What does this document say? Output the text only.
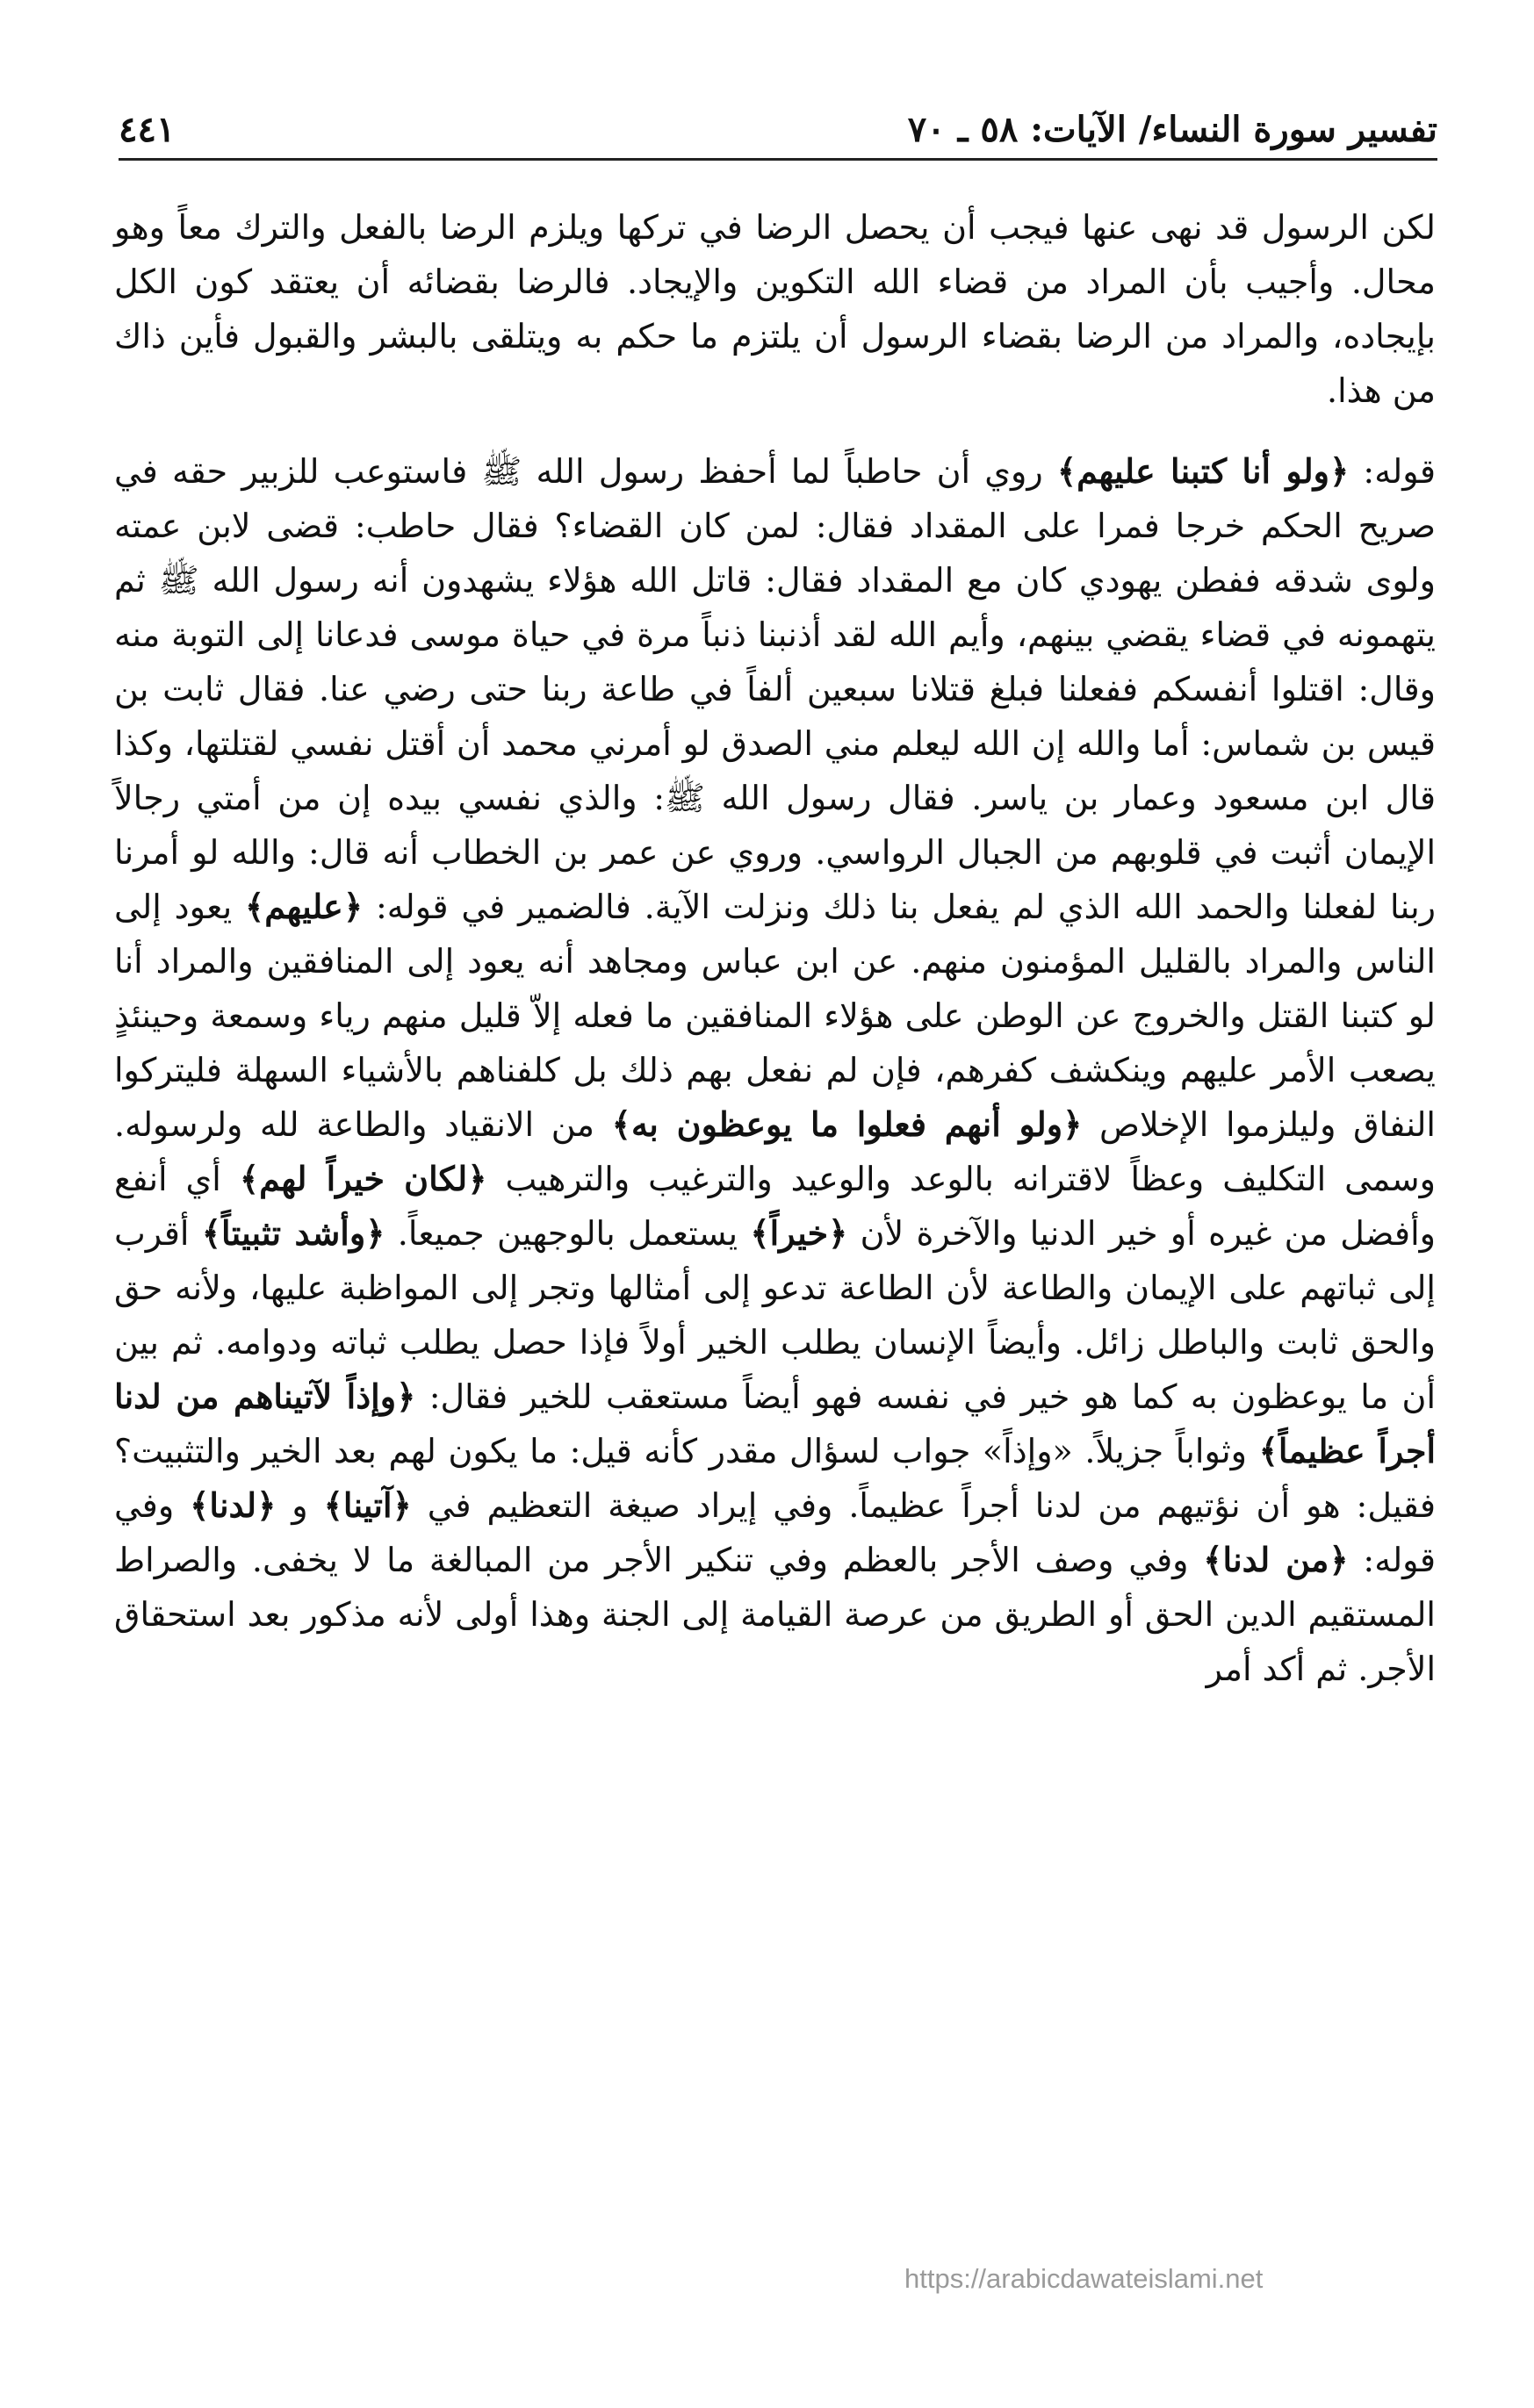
تفسير سورة النساء/ الآيات: ٥٨ ـ ٧٠
٤٤١

لكن الرسول قد نهى عنها فيجب أن يحصل الرضا في تركها ويلزم الرضا بالفعل والترك معاً وهو محال. وأجيب بأن المراد من قضاء الله التكوين والإيجاد. فالرضا بقضائه أن يعتقد كون الكل بإيجاده، والمراد من الرضا بقضاء الرسول أن يلتزم ما حكم به ويتلقى بالبشر والقبول فأين ذاك من هذا.

قوله: ﴿ولو أنا كتبنا عليهم﴾ روي أن حاطباً لما أحفظ رسول الله ﷺ فاستوعب للزبير حقه في صريح الحكم خرجا فمرا على المقداد فقال: لمن كان القضاء؟ فقال حاطب: قضى لابن عمته ولوى شدقه ففطن يهودي كان مع المقداد فقال: قاتل الله هؤلاء يشهدون أنه رسول الله ﷺ ثم يتهمونه في قضاء يقضي بينهم، وأيم الله لقد أذنبنا ذنباً مرة في حياة موسى فدعانا إلى التوبة منه وقال: اقتلوا أنفسكم ففعلنا فبلغ قتلانا سبعين ألفاً في طاعة ربنا حتى رضي عنا. فقال ثابت بن قيس بن شماس: أما والله إن الله ليعلم مني الصدق لو أمرني محمد أن أقتل نفسي لقتلتها، وكذا قال ابن مسعود وعمار بن ياسر. فقال رسول الله ﷺ: والذي نفسي بيده إن من أمتي رجالاً الإيمان أثبت في قلوبهم من الجبال الرواسي. وروي عن عمر بن الخطاب أنه قال: والله لو أمرنا ربنا لفعلنا والحمد الله الذي لم يفعل بنا ذلك ونزلت الآية. فالضمير في قوله: ﴿عليهم﴾ يعود إلى الناس والمراد بالقليل المؤمنون منهم. عن ابن عباس ومجاهد أنه يعود إلى المنافقين والمراد أنا لو كتبنا القتل والخروج عن الوطن على هؤلاء المنافقين ما فعله إلاّ قليل منهم رياء وسمعة وحينئذٍ يصعب الأمر عليهم وينكشف كفرهم، فإن لم نفعل بهم ذلك بل كلفناهم بالأشياء السهلة فليتركوا النفاق وليلزموا الإخلاص ﴿ولو أنهم فعلوا ما يوعظون به﴾ من الانقياد والطاعة لله ولرسوله. وسمى التكليف وعظاً لاقترانه بالوعد والوعيد والترغيب والترهيب ﴿لكان خيراً لهم﴾ أي أنفع وأفضل من غيره أو خير الدنيا والآخرة لأن ﴿خيراً﴾ يستعمل بالوجهين جميعاً. ﴿وأشد تثبيتاً﴾ أقرب إلى ثباتهم على الإيمان والطاعة لأن الطاعة تدعو إلى أمثالها وتجر إلى المواظبة عليها، ولأنه حق والحق ثابت والباطل زائل. وأيضاً الإنسان يطلب الخير أولاً فإذا حصل يطلب ثباته ودوامه. ثم بين أن ما يوعظون به كما هو خير في نفسه فهو أيضاً مستعقب للخير فقال: ﴿وإذاً لآتيناهم من لدنا أجراً عظيماً﴾ وثواباً جزيلاً. «وإذاً» جواب لسؤال مقدر كأنه قيل: ما يكون لهم بعد الخير والتثبيت؟ فقيل: هو أن نؤتيهم من لدنا أجراً عظيماً. وفي إيراد صيغة التعظيم في ﴿آتينا﴾ و ﴿لدنا﴾ وفي قوله: ﴿من لدنا﴾ وفي وصف الأجر بالعظم وفي تنكير الأجر من المبالغة ما لا يخفى. والصراط المستقيم الدين الحق أو الطريق من عرصة القيامة إلى الجنة وهذا أولى لأنه مذكور بعد استحقاق الأجر. ثم أكد أمر

https://arabicdawateislami.net
